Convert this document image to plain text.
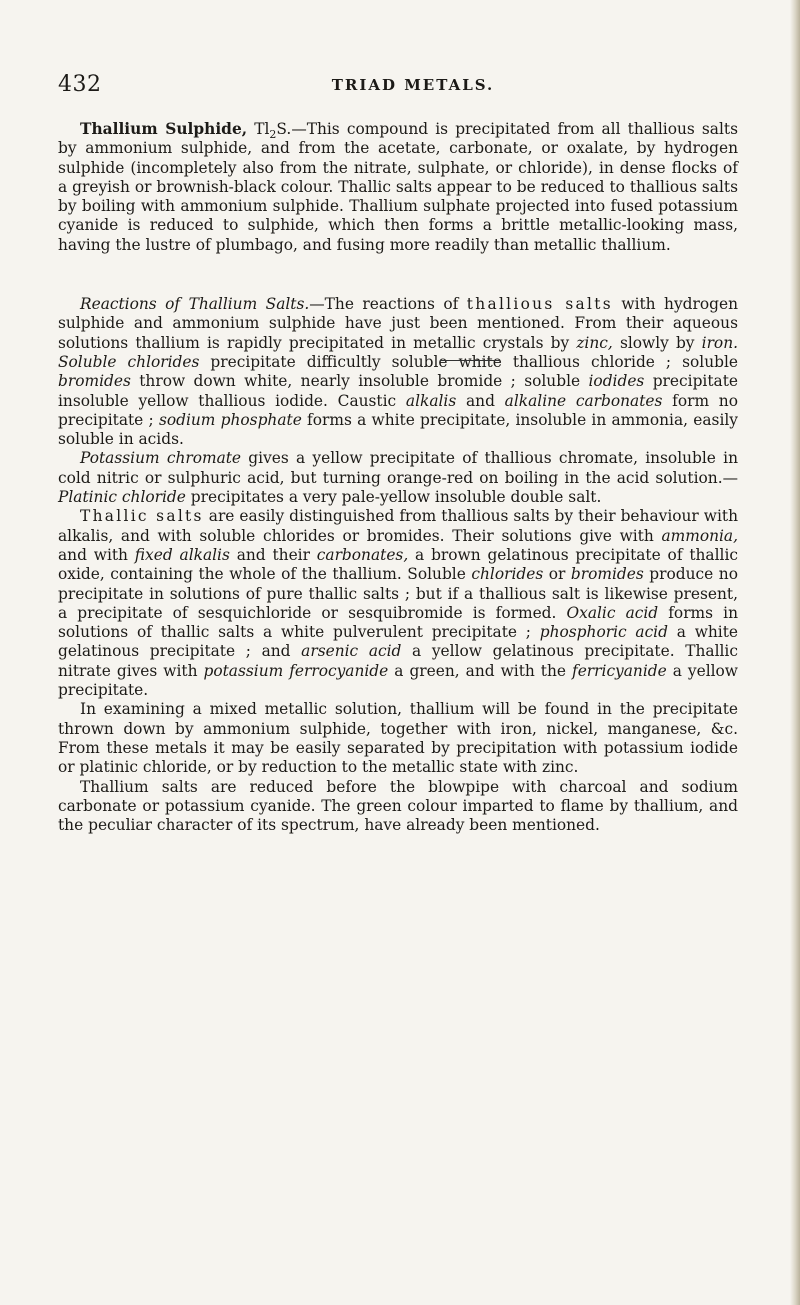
432	TRIAD METALS.

Thallium Sulphide, $Tl_2S.—This$ compound is precipitated from all thallious salts by ammonium sulphide, and from the acetate, carbonate, or oxalate, by hydrogen sulphide (incompletely also from the nitrate, sulphate, or chloride), in dense flocks of a greyish or brownish-black colour. Thallic salts appear to be reduced to thallious salts by boiling with ammonium sulphide. Thallium sulphate projected into fused potassium cyanide is reduced to sulphide, which then forms a brittle metallic-looking mass, having the lustre of plumbago, and fusing more readily than metallic thallium.

Reactions of Thallium Salts.—The reactions of thallious salts with hydrogen sulphide and ammonium sulphide have just been mentioned. From their aqueous solutions thallium is rapidly precipitated in metallic crystals by zinc, slowly by iron. Soluble chlorides precipitate difficultly soluble white thallious chloride ; soluble bromides throw down white, nearly insoluble bromide ; soluble iodides precipitate insoluble yellow thallious iodide. Caustic alkalis and alkaline carbonates form no precipitate ; sodium phosphate forms a white precipitate, insoluble in ammonia, easily soluble in acids.

Potassium chromate gives a yellow precipitate of thallious chromate, insoluble in cold nitric or sulphuric acid, but turning orange-red on boiling in the acid solution.—Platinic chloride precipitates a very pale-yellow insoluble double salt.

Thallic salts are easily distinguished from thallious salts by their behaviour with alkalis, and with soluble chlorides or bromides. Their solutions give with ammonia, and with fixed alkalis and their carbonates, a brown gelatinous precipitate of thallic oxide, containing the whole of the thallium. Soluble chlorides or bromides produce no precipitate in solutions of pure thallic salts ; but if a thallious salt is likewise present, a precipitate of sesquichloride or sesquibromide is formed. Oxalic acid forms in solutions of thallic salts a white pulverulent precipitate ; phosphoric acid a white gelatinous precipitate ; and arsenic acid a yellow gelatinous precipitate. Thallic nitrate gives with potassium ferrocyanide a green, and with the ferricyanide a yellow precipitate.

In examining a mixed metallic solution, thallium will be found in the precipitate thrown down by ammonium sulphide, together with iron, nickel, manganese, &c. From these metals it may be easily separated by precipitation with potassium iodide or platinic chloride, or by reduction to the metallic state with zinc.

Thallium salts are reduced before the blowpipe with charcoal and sodium carbonate or potassium cyanide. The green colour imparted to flame by thallium, and the peculiar character of its spectrum, have already been mentioned.
